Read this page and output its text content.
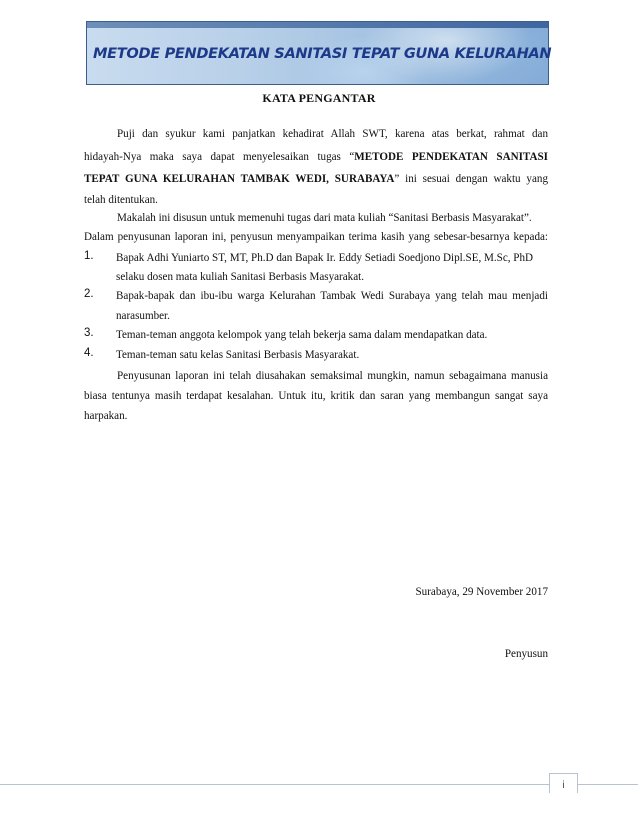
METODE PENDEKATAN SANITASI TEPAT GUNA KELURAHAN
KATA PENGANTAR

Puji dan syukur kami panjatkan kehadirat Allah SWT, karena atas berkat, rahmat dan

hidayah-Nya maka saya dapat menyelesaikan tugas “METODE PENDEKATAN SANITASI

TEPAT GUNA KELURAHAN TAMBAK WEDI, SURABAYA” ini sesuai dengan waktu yang

telah ditentukan.

Makalah ini disusun untuk memenuhi tugas dari mata kuliah “Sanitasi Berbasis Masyarakat”.

Dalam penyusunan laporan ini, penyusun menyampaikan terima kasih yang sebesar-besarnya kepada:

1. Bapak Adhi Yuniarto ST, MT, Ph.D dan Bapak Ir. Eddy Setiadi Soedjono Dipl.SE, M.Sc, PhD

selaku dosen mata kuliah Sanitasi Berbasis Masyarakat.

2. Bapak-bapak dan ibu-ibu warga Kelurahan Tambak Wedi Surabaya yang telah mau menjadi

narasumber.

3. Teman-teman anggota kelompok yang telah bekerja sama dalam mendapatkan data.

4. Teman-teman satu kelas Sanitasi Berbasis Masyarakat.

Penyusunan laporan ini telah diusahakan semaksimal mungkin, namun sebagaimana manusia

biasa tentunya masih terdapat kesalahan. Untuk itu, kritik dan saran yang membangun sangat saya

harpakan.

Surabaya, 29 November 2017

Penyusun

i
